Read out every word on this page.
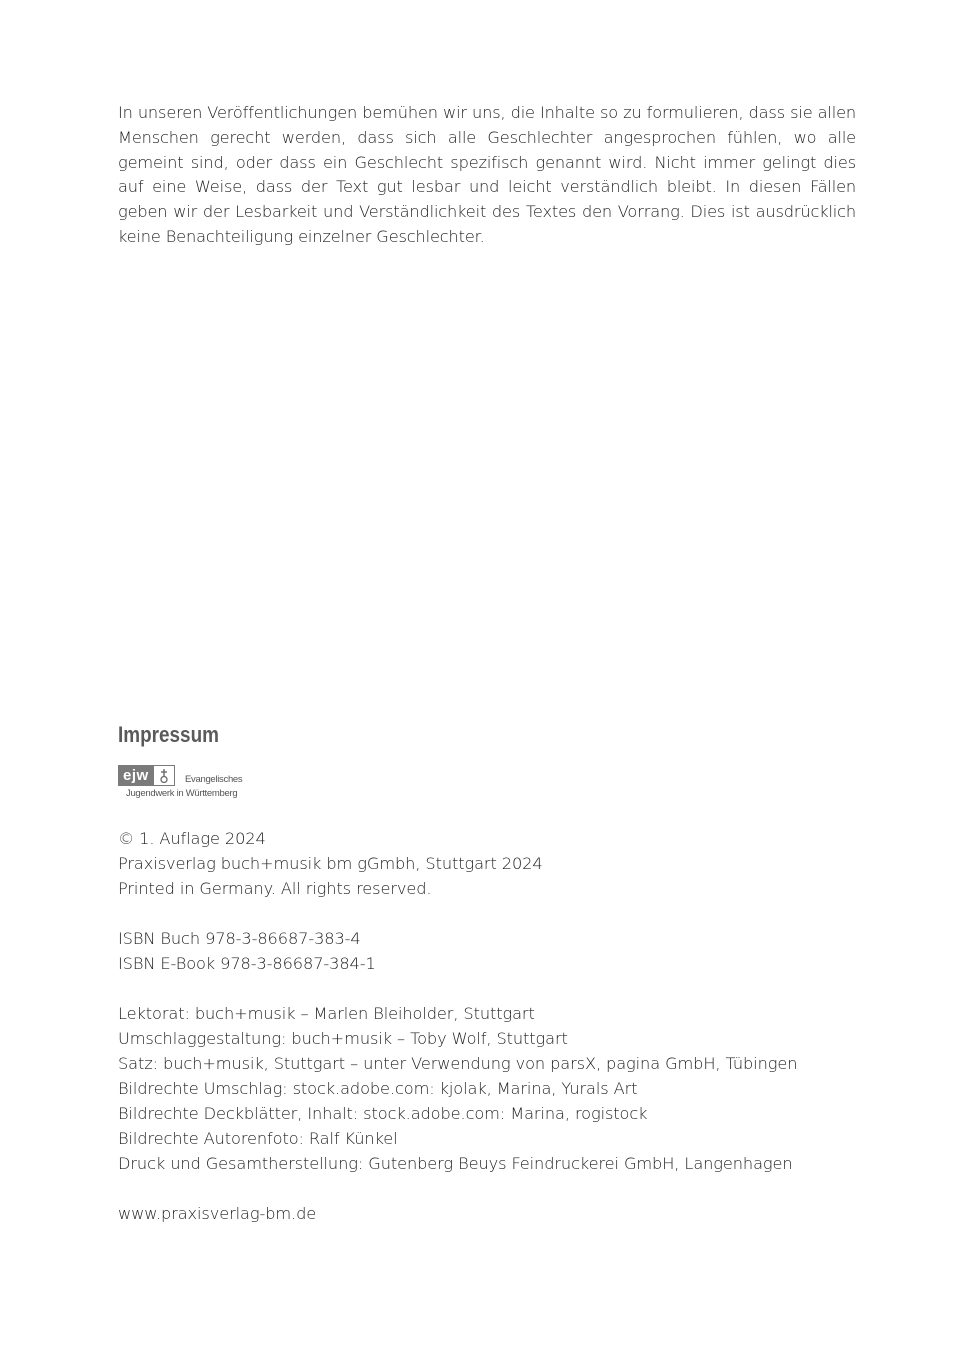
In unseren Veröffentlichungen bemühen wir uns, die Inhalte so zu formulieren, dass sie allen Menschen gerecht werden, dass sich alle Geschlechter angesprochen fühlen, wo alle gemeint sind, oder dass ein Geschlecht spezifisch genannt wird. Nicht immer gelingt dies auf eine Weise, dass der Text gut lesbar und leicht verständlich bleibt. In diesen Fällen geben wir der Lesbarkeit und Verständlichkeit des Textes den Vorrang. Dies ist ausdrücklich keine Benachteiligung einzelner Geschlechter.

Impressum
ejw	Evangelisches
Jugendwerk in Württemberg
© 1. Auflage 2024
Praxisverlag buch+musik bm gGmbh, Stuttgart 2024
Printed in Germany. All rights reserved.
ISBN Buch 978-3-86687-383-4
ISBN E-Book 978-3-86687-384-1
Lektorat: buch+musik – Marlen Bleiholder, Stuttgart
Umschlaggestaltung: buch+musik – Toby Wolf, Stuttgart
Satz: buch+musik, Stuttgart – unter Verwendung von parsX, pagina GmbH, Tübingen
Bildrechte Umschlag: stock.adobe.com: kjolak, Marina, Yurals Art
Bildrechte Deckblätter, Inhalt: stock.adobe.com: Marina, rogistock
Bildrechte Autorenfoto: Ralf Künkel
Druck und Gesamtherstellung: Gutenberg Beuys Feindruckerei GmbH, Langenhagen
www.praxisverlag-bm.de
